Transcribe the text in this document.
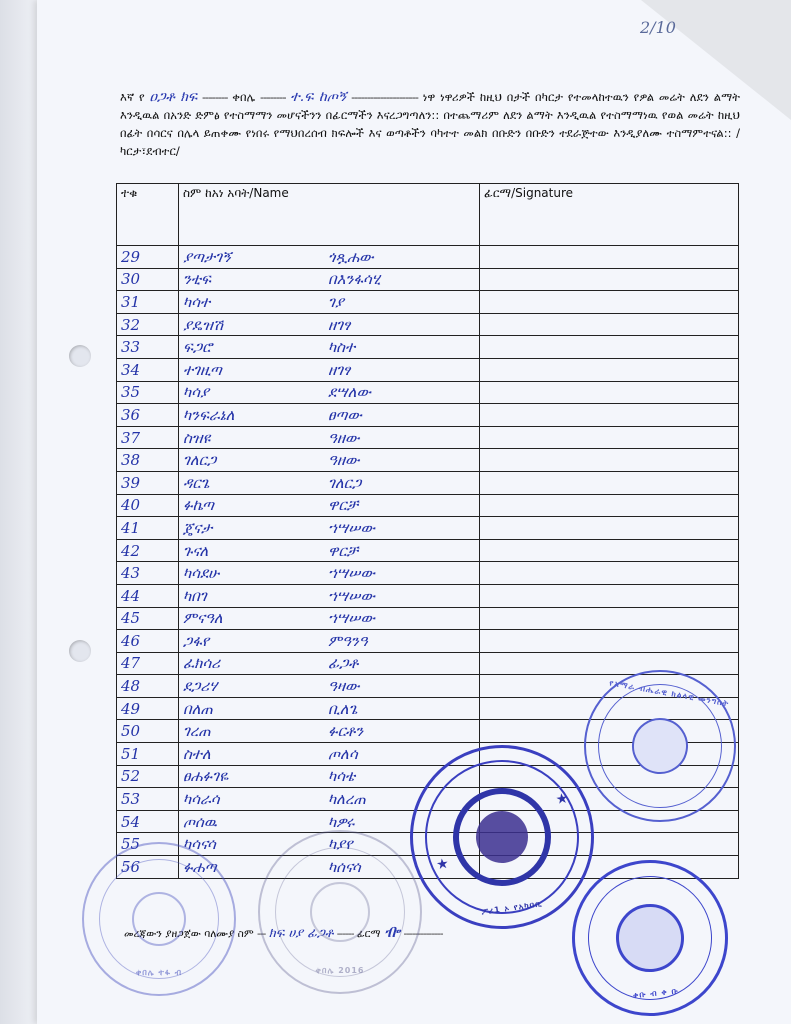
2/10
እኛ የ ዐጋቶ ክፍ -------- ቀበሌ -------- ተ.ፍ ከጦኝ --------------------- ነዋ ነዋሪዎች ከዚህ በታች በካርታ የተመላከተዉን የዎል መሬት ለደን ልማት እንዲዉል በአንድ ድምፅ የተስማማን መሆናችንን በፊርማችን እናረጋግጣለን:: በተጨማሪም ለደን ልማት እንዲዉል የተስማማነዉ የወል መሬት ከዚህ በፊት በሳርና በሌላ ይጠቀሙ የነበሩ የማህበረሰብ ክፍሎች እና ወጣቶችን ባካተተ መልክ በቡድን በቡድን ተደራጅተው እንዲያለሙ ተስማምተናል:: /ካርታ፣ደብተር/
ተቁ	ስም ከአነ አባት/Name	ፊርማ/Signature
29	ያጣታገኝ ጎጿሐው	
30	ንቲፍ በእንፋሳሂ	
31	ካሳተ ገያ	
32	ያዴዝሽ ዘገፃ	
33	ፍጋሮ ካስተ	
34	ተገዚጣ ዘገፃ	
35	ካሳያ ደሣለው	
36	ካንፍራኔለ ፀጣው	
37	ስዝዩ ዓዘው	
38	ገለርጋ ዓዘው	
39	ዳርጌ ገለርጋ	
40	ፉኬጣ ዋርቻ	
41	ጄናታ ኀሣሠው	
42	ጉናለ ዋርቻ	
43	ካሳደሁ ኀሣሠው	
44	ካበገ ኀሣሠው	
45	ምናዓለ ኀሣሠው	
46	ጋፋየ ምዓንዓ	
47	ፈክሳሪ ፊጋቶ	
48	ደጋሪሃ ዓዛው	
49	በለጠ ቢለጌ	
50	ገረጠ ፉርቶን	
51	ስተለ ጦለሳ	
52	ፀሐፉገዬ ካሳቴ	
53	ካሳራሳ ካለረጠ	
54	ጦሰዉ ካዎሩ	
55	ካሳናሳ ካያየ	
56	ፉሐጣ ካሰናሳ	
መረጃውን ያዘጋጀው ባለሙያ ስም --- ክፍ ሀያ ፊጋቶ ------ ፊርማ ᎇ --------------
ፖሪ1 ኦ የአካባቢ
★
★
የአማራ ብሔራዊ ክልላዊ መንግስት
ቀቡ ብ ቀ ቡ
ቀበሌ ተፋ ብ	ቀበሌ 2016
